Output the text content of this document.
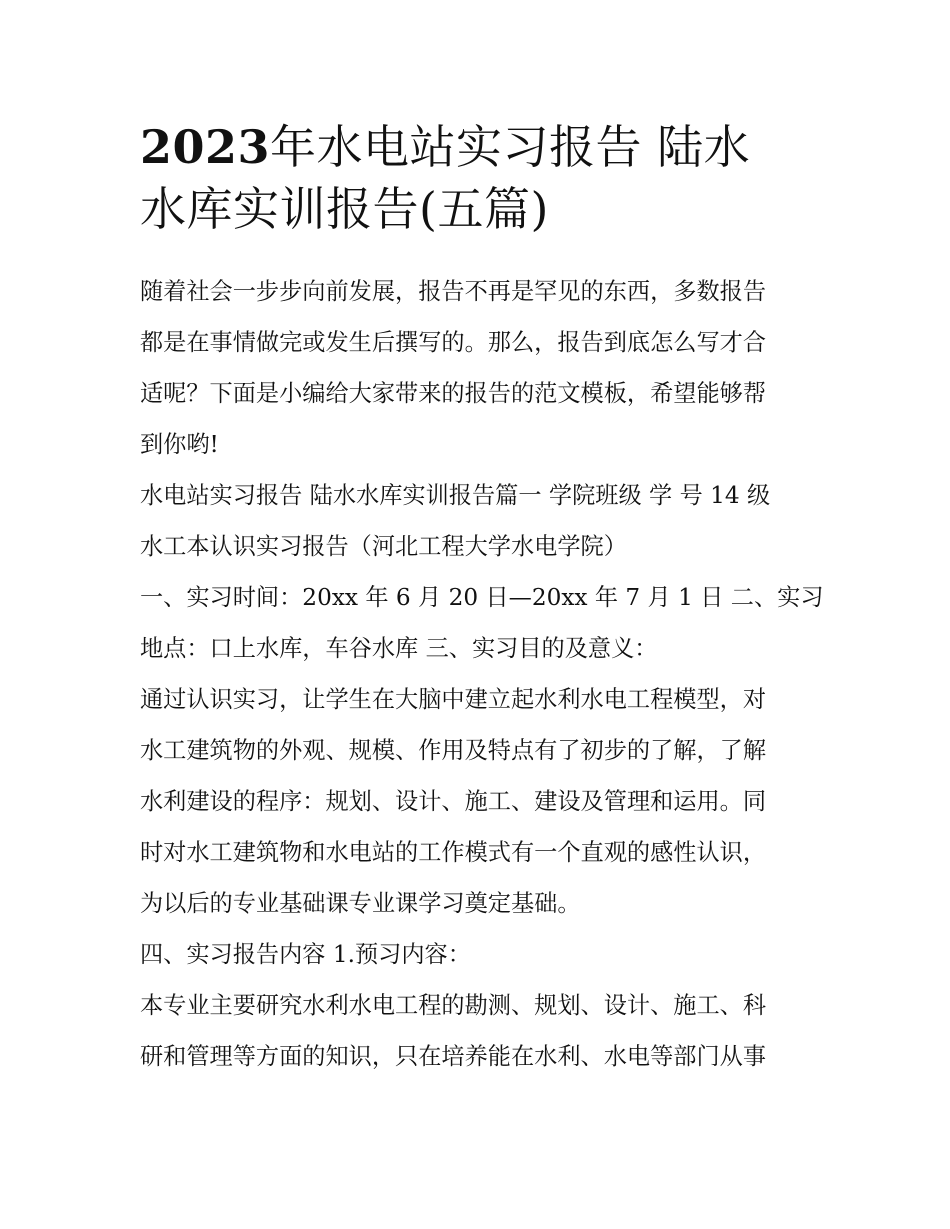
2023年水电站实习报告 陆水
水库实训报告(五篇)

随着社会一步步向前发展，报告不再是罕见的东西，多数报告
都是在事情做完或发生后撰写的。那么，报告到底怎么写才合
适呢？下面是小编给大家带来的报告的范文模板，希望能够帮
到你哟!

水电站实习报告 陆水水库实训报告篇一 学院班级 学 号 14 级
水工本认识实习报告（河北工程大学水电学院）

一、实习时间：20xx 年 6 月 20 日—20xx 年 7 月 1 日 二、实习
地点：口上水库，车谷水库 三、实习目的及意义：

通过认识实习，让学生在大脑中建立起水利水电工程模型，对
水工建筑物的外观、规模、作用及特点有了初步的了解，了解
水利建设的程序：规划、设计、施工、建设及管理和运用。同
时对水工建筑物和水电站的工作模式有一个直观的感性认识，
为以后的专业基础课专业课学习奠定基础。

四、实习报告内容 1.预习内容：

本专业主要研究水利水电工程的勘测、规划、设计、施工、科
研和管理等方面的知识，只在培养能在水利、水电等部门从事
